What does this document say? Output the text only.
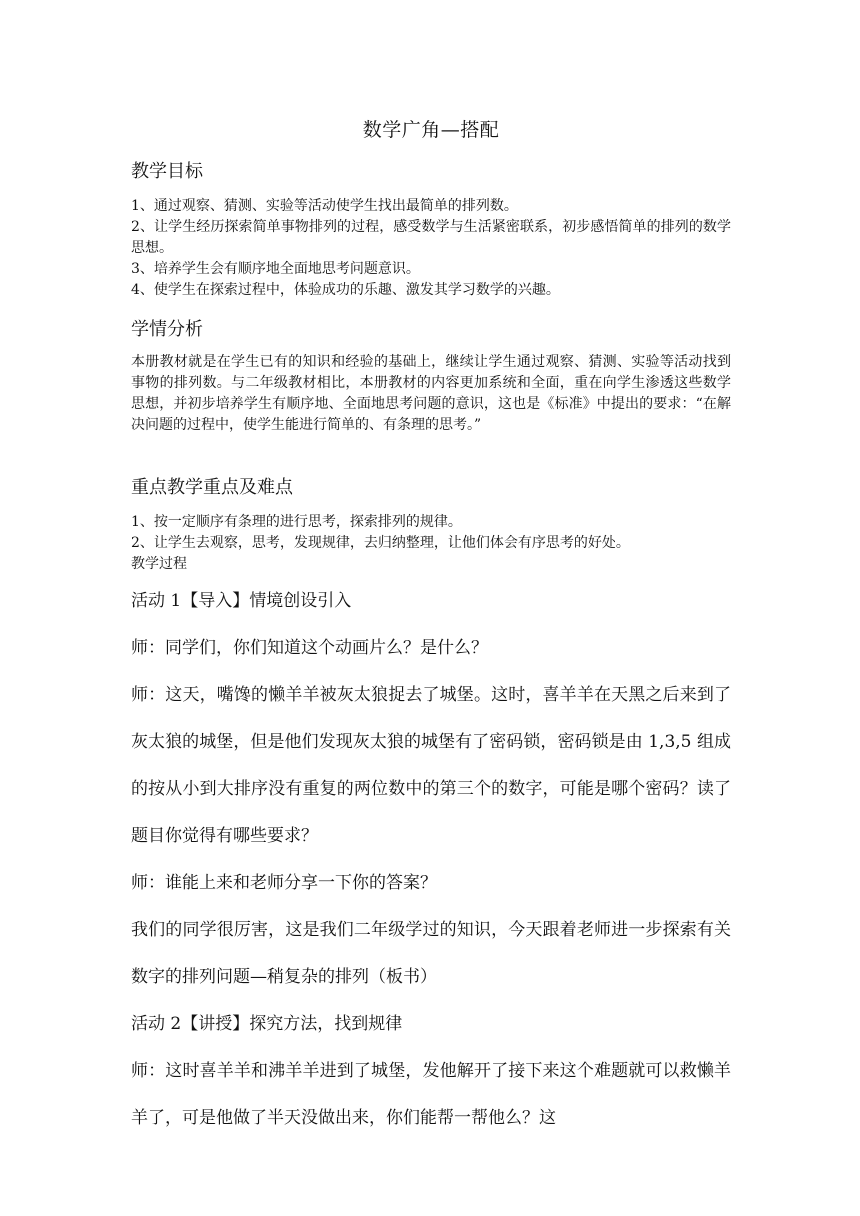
数学广角—搭配
教学目标

1、通过观察、猜测、实验等活动使学生找出最简单的排列数。

2、让学生经历探索简单事物排列的过程，感受数学与生活紧密联系，初步感悟简单的排列的数学思想。

3、培养学生会有顺序地全面地思考问题意识。

4、使学生在探索过程中，体验成功的乐趣、激发其学习数学的兴趣。

学情分析

本册教材就是在学生已有的知识和经验的基础上，继续让学生通过观察、猜测、实验等活动找到事物的排列数。与二年级教材相比，本册教材的内容更加系统和全面，重在向学生渗透这些数学思想，并初步培养学生有顺序地、全面地思考问题的意识，这也是《标准》中提出的要求：“在解决问题的过程中，使学生能进行简单的、有条理的思考。”

重点教学重点及难点

1、按一定顺序有条理的进行思考，探索排列的规律。

2、让学生去观察，思考，发现规律，去归纳整理，让他们体会有序思考的好处。

教学过程

活动 1【导入】情境创设引入

师：同学们，你们知道这个动画片么？是什么？

师：这天，嘴馋的懒羊羊被灰太狼捉去了城堡。这时，喜羊羊在天黑之后来到了灰太狼的城堡，但是他们发现灰太狼的城堡有了密码锁，密码锁是由 1,3,5 组成的按从小到大排序没有重复的两位数中的第三个的数字，可能是哪个密码？读了题目你觉得有哪些要求？

师：谁能上来和老师分享一下你的答案？

我们的同学很厉害，这是我们二年级学过的知识，今天跟着老师进一步探索有关数字的排列问题—稍复杂的排列（板书）

活动 2【讲授】探究方法，找到规律

师：这时喜羊羊和沸羊羊进到了城堡，发他解开了接下来这个难题就可以救懒羊羊了，可是他做了半天没做出来，你们能帮一帮他么？这
